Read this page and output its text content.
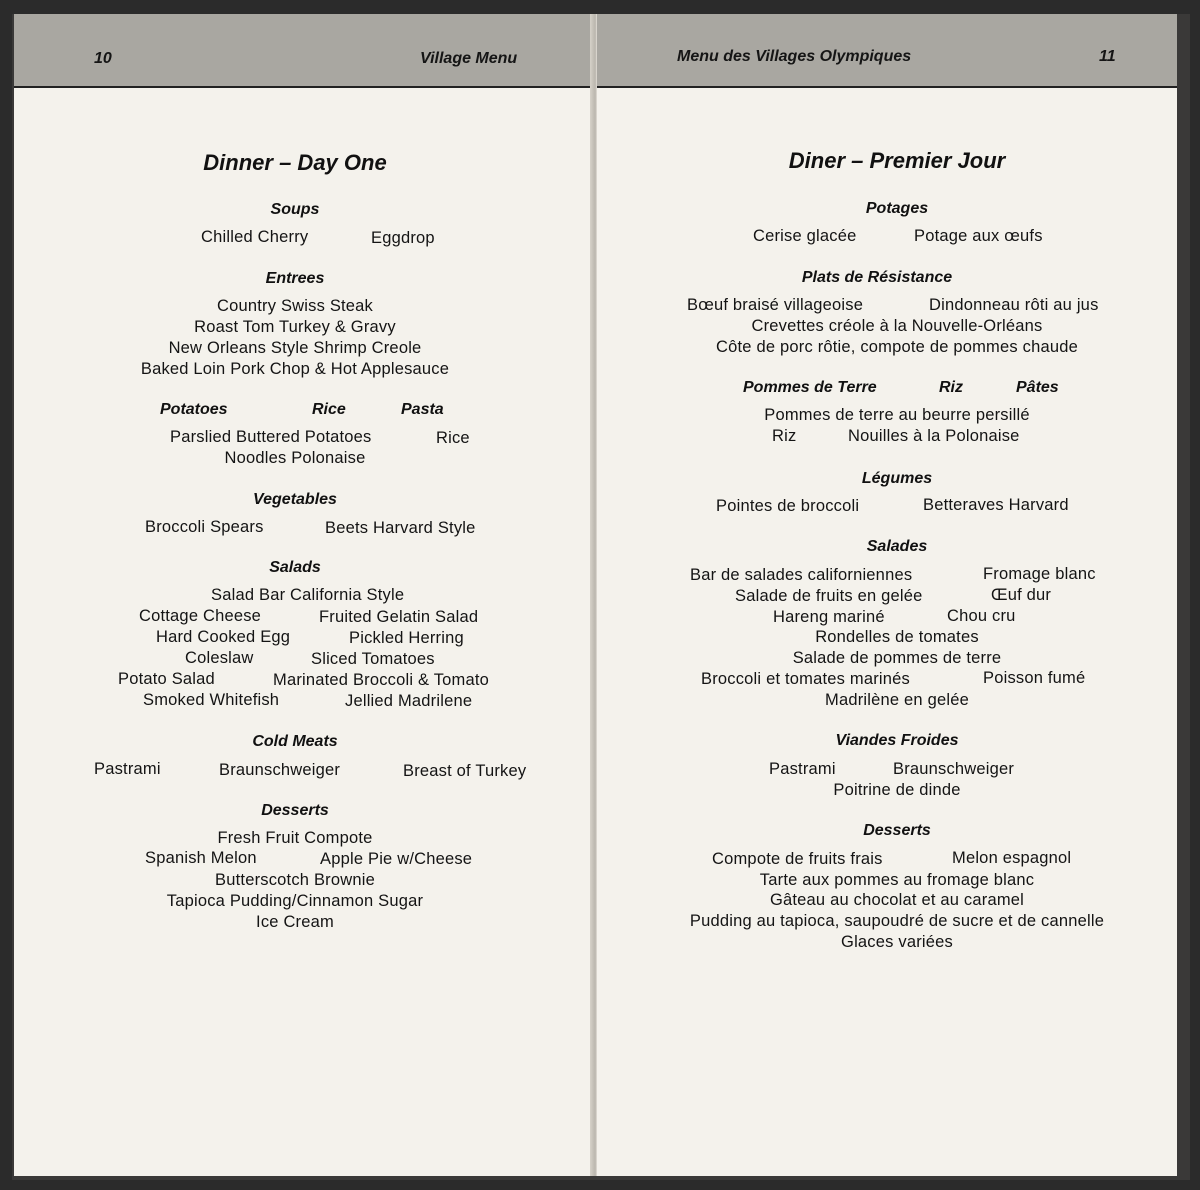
10	Village Menu
Dinner – Day One
Soups
Chilled Cherry	Eggdrop
Entrees
Country Swiss Steak
Roast Tom Turkey & Gravy
New Orleans Style Shrimp Creole
Baked Loin Pork Chop & Hot Applesauce
Potatoes	Rice	Pasta
Parslied Buttered Potatoes	Rice
Noodles Polonaise
Vegetables
Broccoli Spears	Beets Harvard Style
Salads
Salad Bar California Style
Cottage Cheese	Fruited Gelatin Salad
Hard Cooked Egg	Pickled Herring
Coleslaw	Sliced Tomatoes
Potato Salad	Marinated Broccoli & Tomato
Smoked Whitefish	Jellied Madrilene
Cold Meats
Pastrami	Braunschweiger	Breast of Turkey
Desserts
Fresh Fruit Compote
Spanish Melon	Apple Pie w/Cheese
Butterscotch Brownie
Tapioca Pudding/Cinnamon Sugar
Ice Cream
Menu des Villages Olympiques	11
Diner – Premier Jour
Potages
Cerise glacée	Potage aux œufs
Plats de Résistance
Bœuf braisé villageoise	Dindonneau rôti au jus
Crevettes créole à la Nouvelle-Orléans
Côte de porc rôtie, compote de pommes chaude
Pommes de Terre	Riz	Pâtes
Pommes de terre au beurre persillé
Riz	Nouilles à la Polonaise
Légumes
Pointes de broccoli	Betteraves Harvard
Salades
Bar de salades californiennes	Fromage blanc
Salade de fruits en gelée	Œuf dur
Hareng mariné	Chou cru
Rondelles de tomates
Salade de pommes de terre
Broccoli et tomates marinés	Poisson fumé
Madrilène en gelée
Viandes Froides
Pastrami	Braunschweiger
Poitrine de dinde
Desserts
Compote de fruits frais	Melon espagnol
Tarte aux pommes au fromage blanc
Gâteau au chocolat et au caramel
Pudding au tapioca, saupoudré de sucre et de cannelle
Glaces variées
